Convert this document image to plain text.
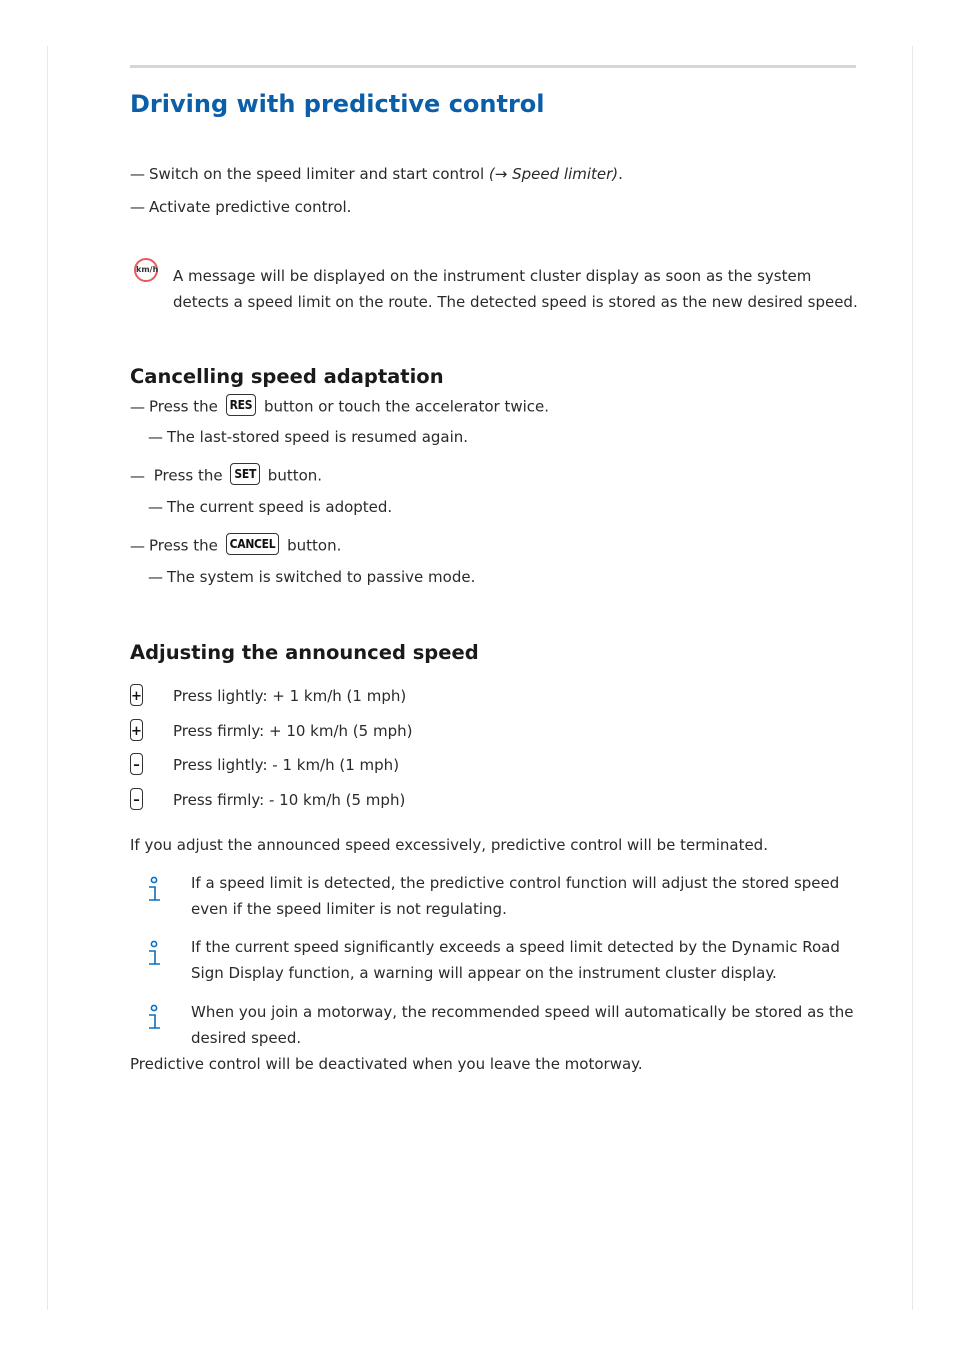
Driving with predictive control
— Switch on the speed limiter and start control (→ Speed limiter).
— Activate predictive control.
km/h A message will be displayed on the instrument cluster display as soon as the system
detects a speed limit on the route. The detected speed is stored as the new desired speed.
Cancelling speed adaptation
— Press the RES button or touch the accelerator twice.
— The last-stored speed is resumed again.
— Press the SET button.
— The current speed is adopted.
— Press the CANCEL button.
— The system is switched to passive mode.
Adjusting the announced speed
+ Press lightly: + 1 km/h (1 mph)
+ Press firmly: + 10 km/h (5 mph)
– Press lightly: - 1 km/h (1 mph)
– Press firmly: - 10 km/h (5 mph)
If you adjust the announced speed excessively, predictive control will be terminated.
If a speed limit is detected, the predictive control function will adjust the stored speed
even if the speed limiter is not regulating.
If the current speed significantly exceeds a speed limit detected by the Dynamic Road
Sign Display function, a warning will appear on the instrument cluster display.
When you join a motorway, the recommended speed will automatically be stored as the
desired speed.
Predictive control will be deactivated when you leave the motorway.
